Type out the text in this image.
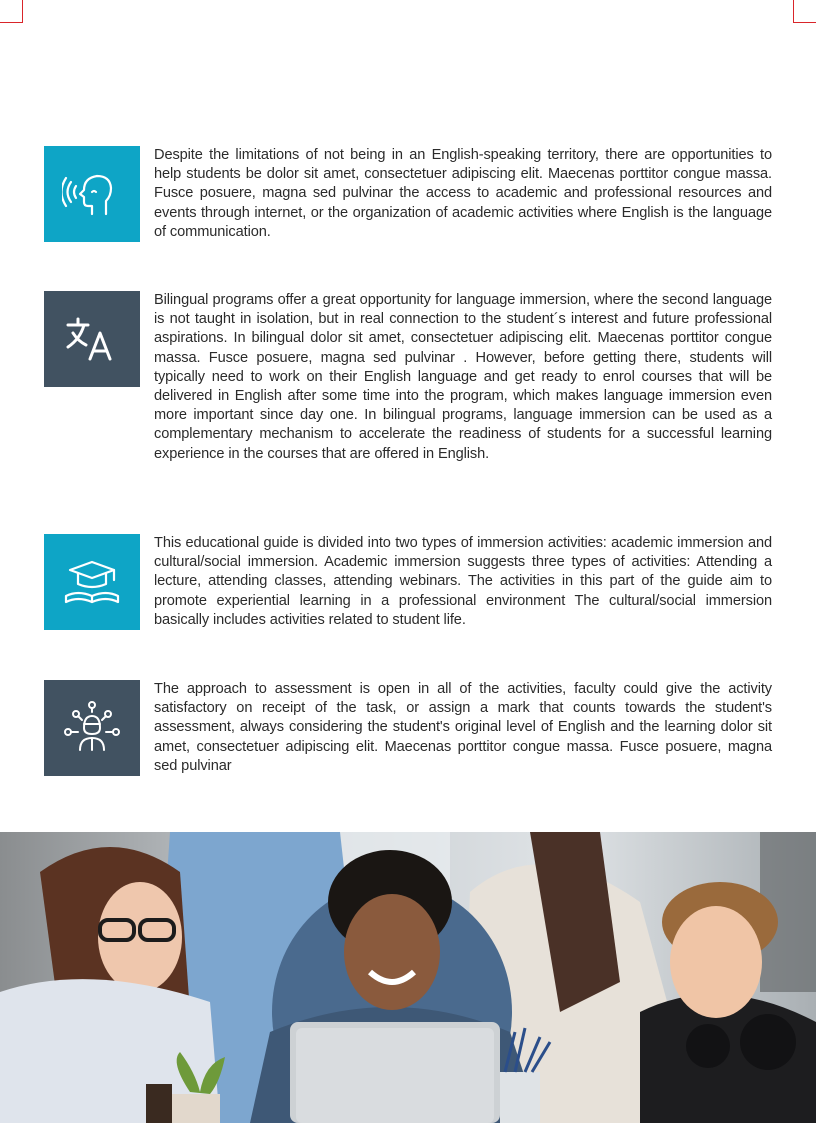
Despite the limitations of not being in an English-speaking territory, there are opportunities to help students be dolor sit amet, consectetuer adipiscing elit. Maecenas porttitor congue massa. Fusce posuere, magna sed pulvinar the access to academic and professional resources and events through internet, or the organization of academic activities where English is the language of communication.

Bilingual programs offer a great opportunity for language immersion, where the second language is not taught in isolation, but in real connection to the student´s interest and future professional aspirations. In bilingual dolor sit amet, consectetuer adipiscing elit. Maecenas porttitor congue massa. Fusce posuere, magna sed pulvinar . However, before getting there, students will typically need to work on their English language and get ready to enrol courses that will be delivered in English after some time into the program, which makes language immersion even more important since day one. In bilingual programs, language immersion can be used as a complementary mechanism to accelerate the readiness of students for a successful learning experience in the courses that are offered in English.

This educational guide is divided into two types of immersion activities: academic immersion and cultural/social immersion. Academic immersion suggests three types of activities: Attending a lecture, attending classes, attending webinars. The activities in this part of the guide aim to promote experiential learning in a professional environment The cultural/social immersion basically includes activities related to student life.

The approach to assessment is open in all of the activities, faculty could give the activity satisfactory on receipt of the task, or assign a mark that counts towards the student's assessment, always considering the student's original level of English and the learning dolor sit amet, consectetuer adipiscing elit. Maecenas porttitor congue massa. Fusce posuere, magna sed pulvinar
